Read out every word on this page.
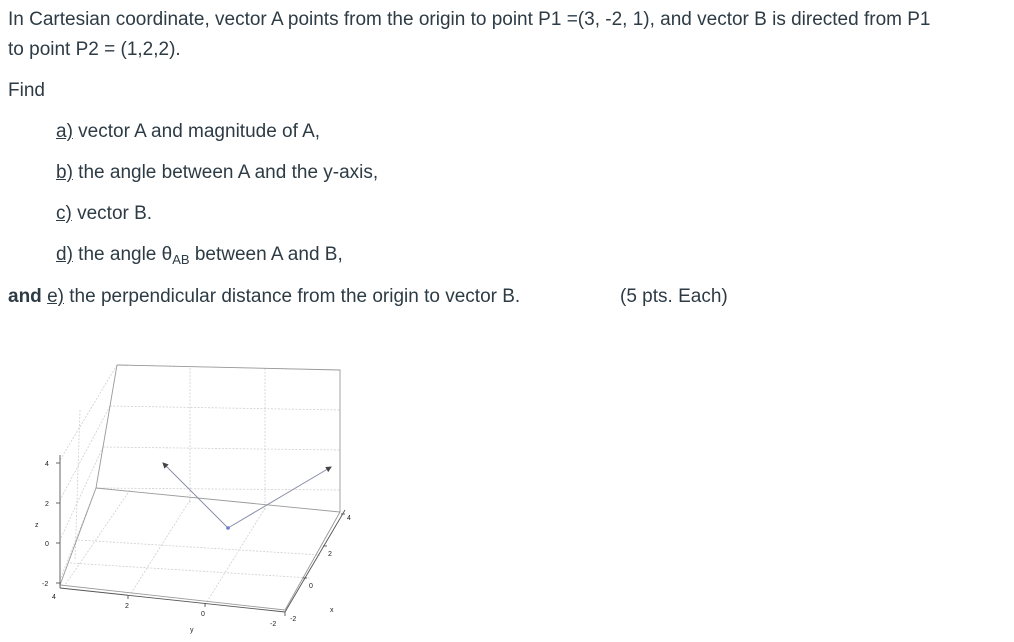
In Cartesian coordinate, vector A points from the origin to point P1 =(3, -2, 1), and vector B is directed from P1
to point P2 = (1,2,2).
Find
a) vector A and magnitude of A,
b) the angle between A and the y-axis,
c) vector B.
d) the angle $\theta_{AB}$ between A and B,
and e) the perpendicular distance from the origin to vector B.	(5 pts. Each)
4
2
0
-2
z
4
2
0
-2
y
-2
0
2
4
x
